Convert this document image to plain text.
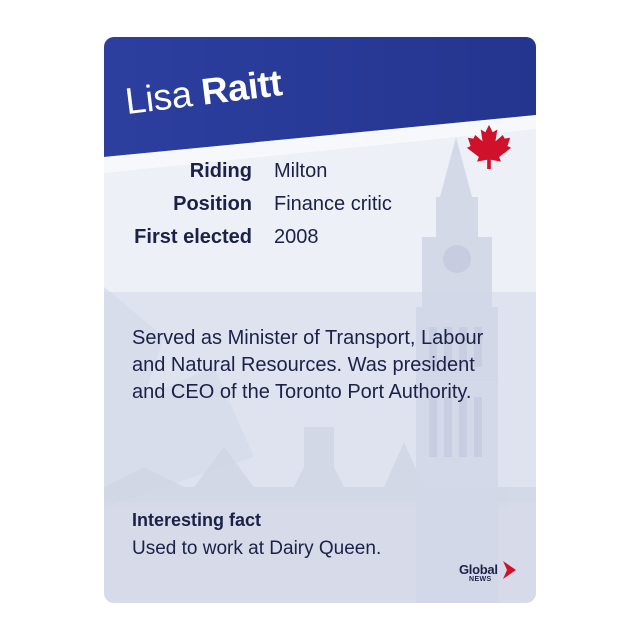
Lisa Raitt
Riding Milton
Position Finance critic
First elected 2008

Served as Minister of Transport, Labour and Natural Resources. Was president and CEO of the Toronto Port Authority.

Interesting fact
Used to work at Dairy Queen.
Global
NEWS
